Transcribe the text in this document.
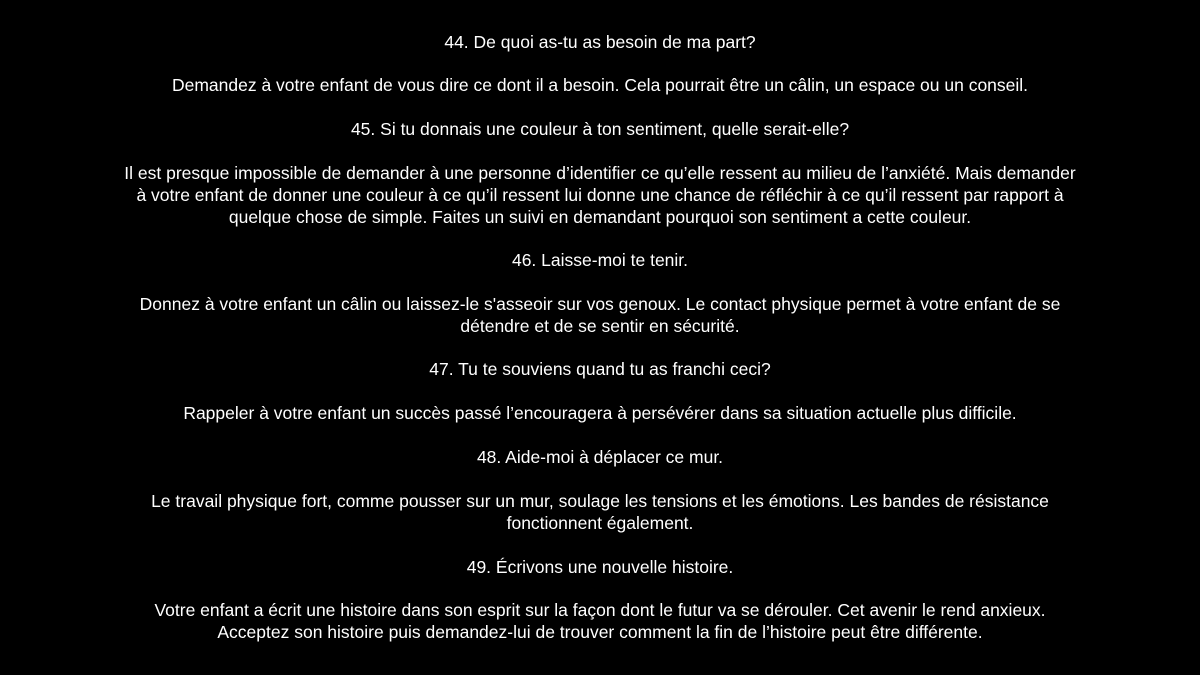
44. De quoi as-tu as besoin de ma part?
Demandez à votre enfant de vous dire ce dont il a besoin. Cela pourrait être un câlin, un espace ou un conseil.
45. Si tu donnais une couleur à ton sentiment, quelle serait-elle?
Il est presque impossible de demander à une personne d’identifier ce qu’elle ressent au milieu de l’anxiété. Mais demander
à votre enfant de donner une couleur à ce qu’il ressent lui donne une chance de réfléchir à ce qu’il ressent par rapport à
quelque chose de simple. Faites un suivi en demandant pourquoi son sentiment a cette couleur.
46. Laisse-moi te tenir.
Donnez à votre enfant un câlin ou laissez-le s'asseoir sur vos genoux. Le contact physique permet à votre enfant de se
détendre et de se sentir en sécurité.
47. Tu te souviens quand tu as franchi ceci?
Rappeler à votre enfant un succès passé l’encouragera à persévérer dans sa situation actuelle plus difficile.
48. Aide-moi à déplacer ce mur.
Le travail physique fort, comme pousser sur un mur, soulage les tensions et les émotions. Les bandes de résistance
fonctionnent également.
49. Écrivons une nouvelle histoire.
Votre enfant a écrit une histoire dans son esprit sur la façon dont le futur va se dérouler. Cet avenir le rend anxieux.
Acceptez son histoire puis demandez-lui de trouver comment la fin de l’histoire peut être différente.
